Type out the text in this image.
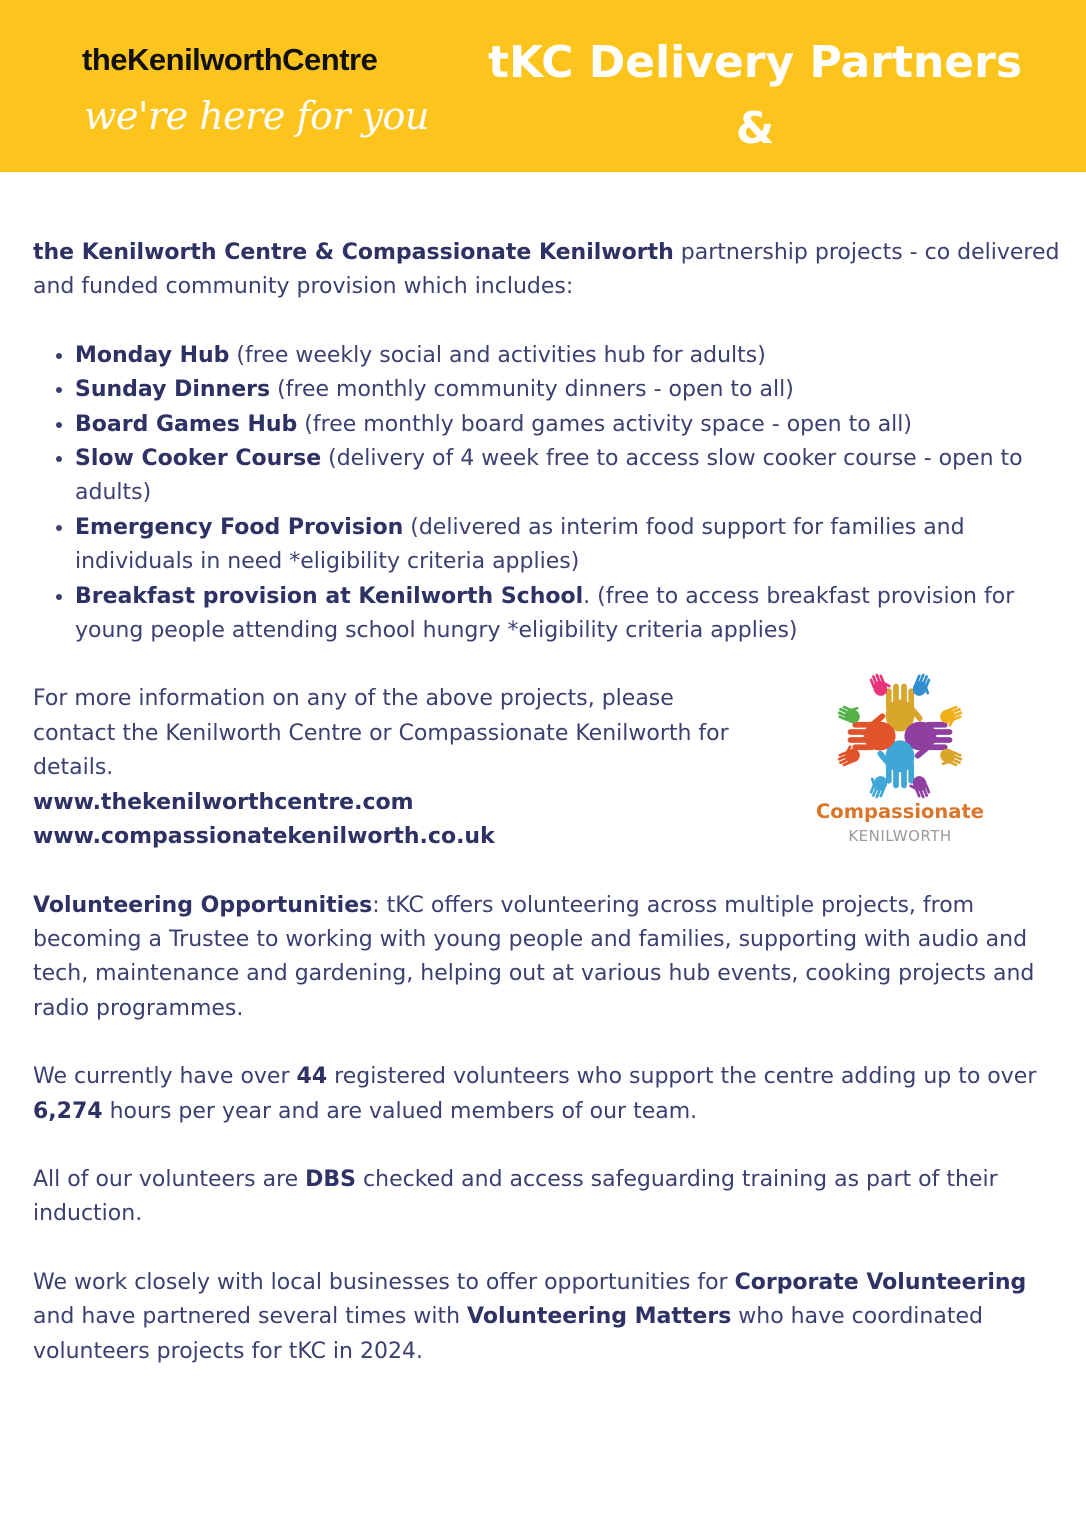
theKenilworthCentre
we're here for you
tKC Delivery Partners &
Volunteering

the Kenilworth Centre & Compassionate Kenilworth partnership projects - co delivered and funded community provision which includes:

• Monday Hub (free weekly social and activities hub for adults)
• Sunday Dinners (free monthly community dinners - open to all)
• Board Games Hub (free monthly board games activity space - open to all)
• Slow Cooker Course (delivery of 4 week free to access slow cooker course - open to adults)
• Emergency Food Provision (delivered as interim food support for families and individuals in need *eligibility criteria applies)
• Breakfast provision at Kenilworth School. (free to access breakfast provision for young people attending school hungry *eligibility criteria applies)

For more information on any of the above projects, please contact the Kenilworth Centre or Compassionate Kenilworth for details.

www.thekenilworthcentre.com

www.compassionatekenilworth.co.uk

Volunteering Opportunities: tKC offers volunteering across multiple projects, from becoming a Trustee to working with young people and families, supporting with audio and tech, maintenance and gardening, helping out at various hub events, cooking projects and radio programmes.

We currently have over 44 registered volunteers who support the centre adding up to over 6,274 hours per year and are valued members of our team.

All of our volunteers are DBS checked and access safeguarding training as part of their induction.

We work closely with local businesses to offer opportunities for Corporate Volunteering and have partnered several times with Volunteering Matters who have coordinated volunteers projects for tKC in 2024.

Compassionate
KENILWORTH
